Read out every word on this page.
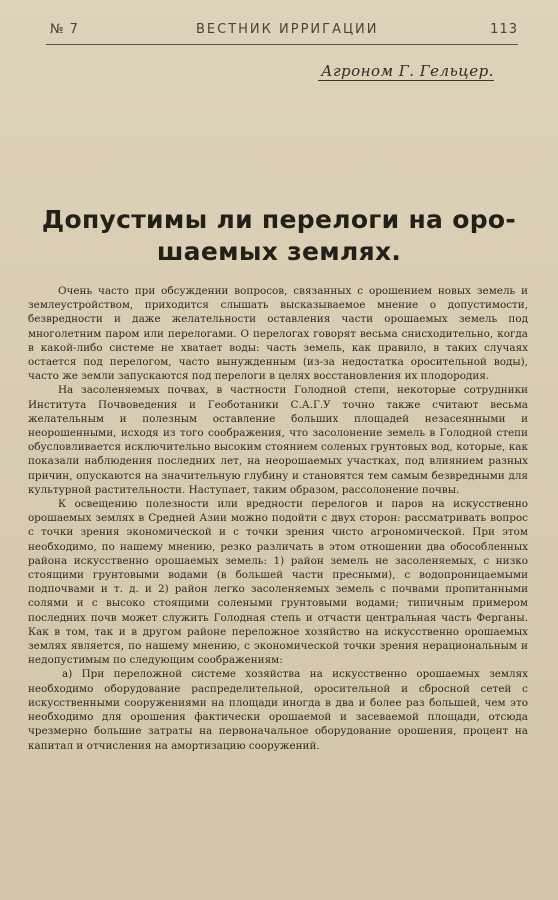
№ 7	ВЕСТНИК ИРРИГАЦИИ	113
Агроном Г. Гельцер.
Допустимы ли перелоги на оро-
шаемых землях.

Очень часто при обсуждении вопросов, связанных с орошением новых земель и землеустройством, приходится слышать высказываемое мнение о допустимости, безвредности и даже желательности оставления части орошаемых земель под многолетним паром или перелогами. О перелогах говорят весьма снисходительно, когда в какой-либо системе не хватает воды: часть земель, как правило, в таких случаях остается под перелогом, часто вынужденным (из-за недостатка оросительной воды), часто же земли запускаются под перелоги в целях восстановления их плодородия.

На засоленяемых почвах, в частности Голодной степи, некоторые сотрудники Института Почвоведения и Геоботаники С.А.Г.У точно также считают весьма желательным и полезным оставление больших площадей незасеянными и неорошенными, исходя из того соображения, что засолонение земель в Голодной степи обусловливается исключительно высоким стоянием соленых грунтовых вод, которые, как показали наблюдения последних лет, на неорошаемых участках, под влиянием разных причин, опускаются на значительную глубину и становятся тем самым безвредными для культурной растительности. Наступает, таким образом, рассолонение почвы.

К освещению полезности или вредности перелогов и паров на искусственно орошаемых землях в Средней Азии можно подойти с двух сторон: рассматривать вопрос с точки зрения экономической и с точки зрения чисто агрономической. При этом необходимо, по нашему мнению, резко различать в этом отношении два обособленных района искусственно орошаемых земель: 1) район земель не засоленяемых, с низко стоящими грунтовыми водами (в большей части пресными), с водопроницаемыми подпочвами и т. д. и 2) район легко засоленяемых земель с почвами пропитанными солями и с высоко стоящими солеными грунтовыми водами; типичным примером последних почв может служить Голодная степь и отчасти центральная часть Ферганы. Как в том, так и в другом районе переложное хозяйство на искусственно орошаемых землях является, по нашему мнению, с экономической точки зрения нерациональным и недопустимым по следующим соображениям:

а) При переложной системе хозяйства на искусственно орошаемых землях необходимо оборудование распределительной, оросительной и сбросной сетей с искусственными сооружениями на площади иногда в два и более раз большей, чем это необходимо для орошения фактически орошаемой и засеваемой площади, отсюда чрезмерно большие затраты на первоначальное оборудование орошения, процент на капитал и отчисления на амортизацию сооружений.
